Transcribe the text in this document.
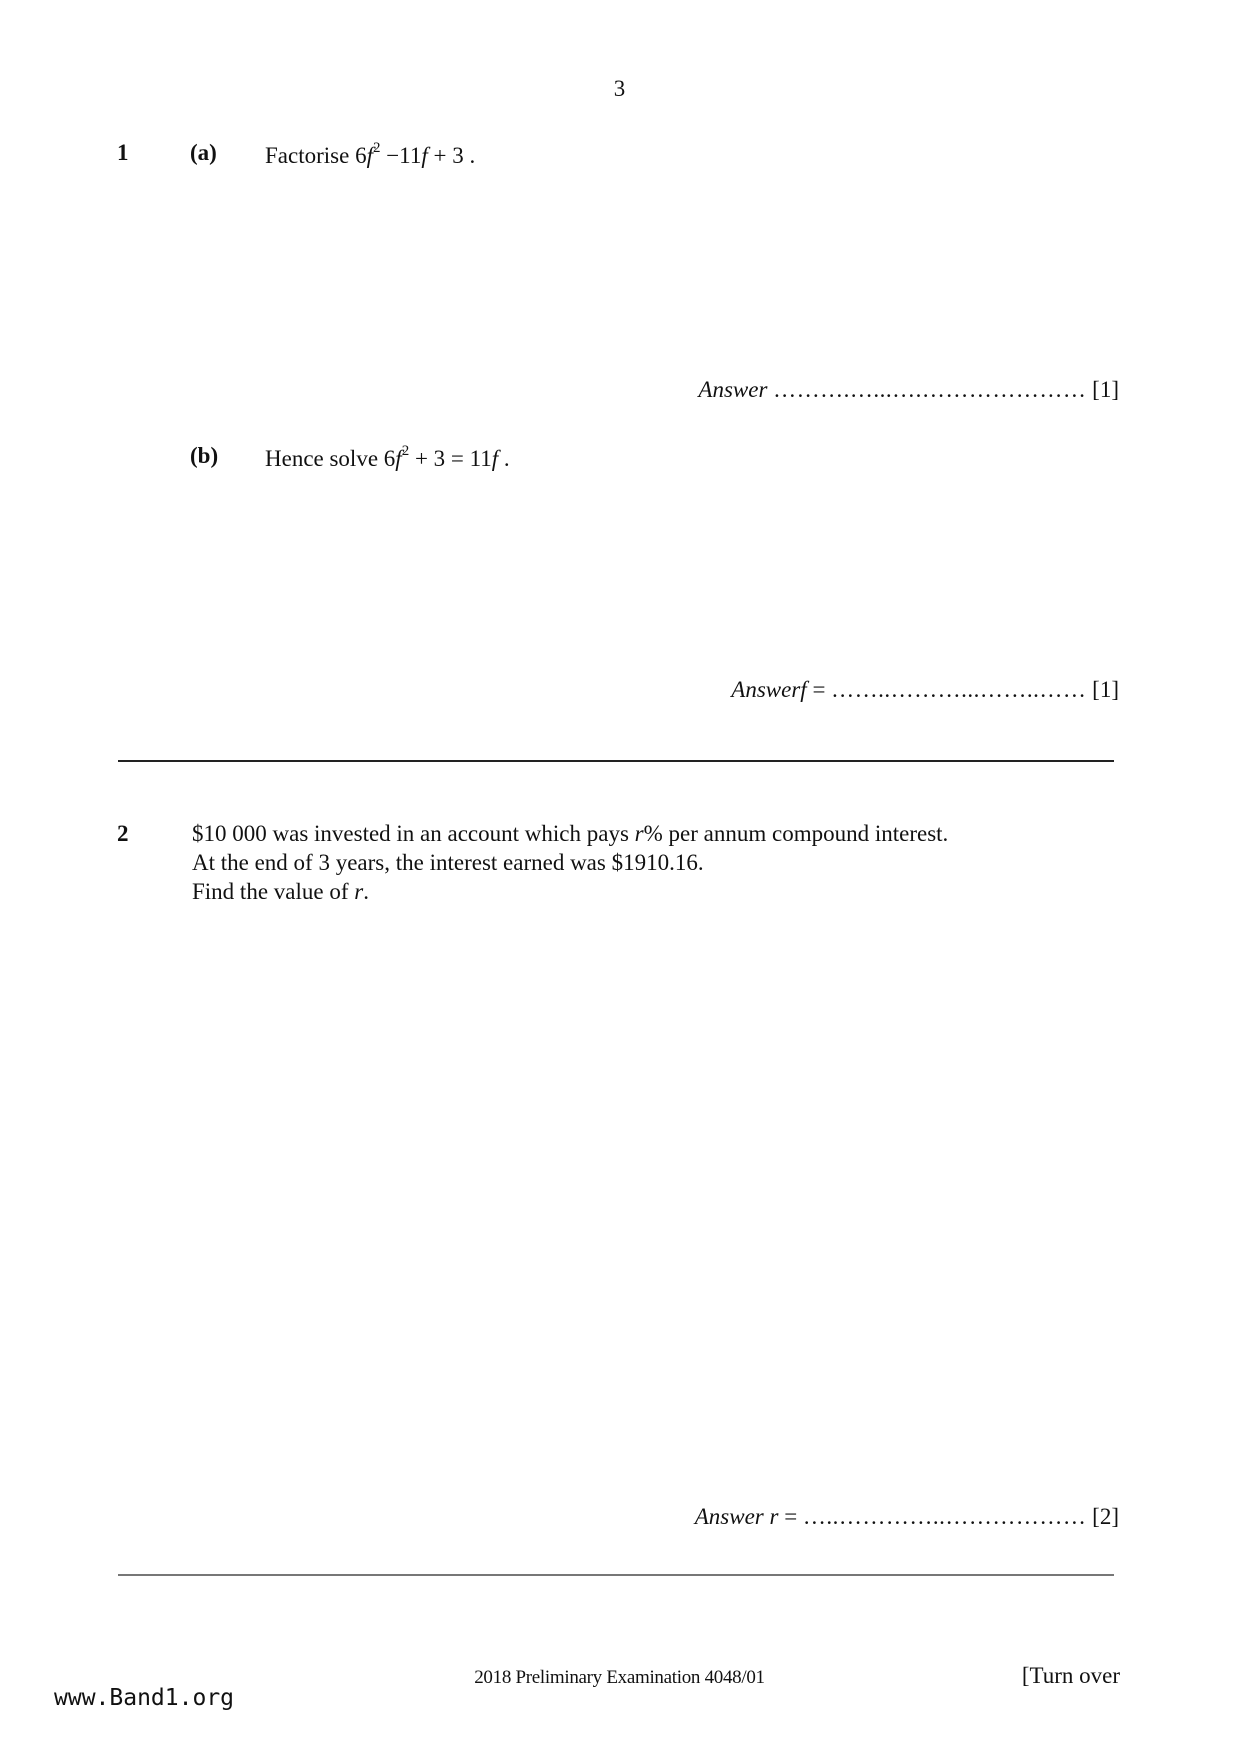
3
1	(a) Factorise $6f^2 -11f + 3$ .
Answer ……….…...….………………… [1]
(b) Hence solve $6f^2 + 3 = 11f$ .
Answerf = ……..………...……..…… [1]
2	$10 000 was invested in an account which pays r% per annum compound interest.
At the end of 3 years, the interest earned was $1910.16.
Find the value of r.
Answer r = …..…………..……………… [2]
2018 Preliminary Examination 4048/01	[Turn over
www.Band1.org
